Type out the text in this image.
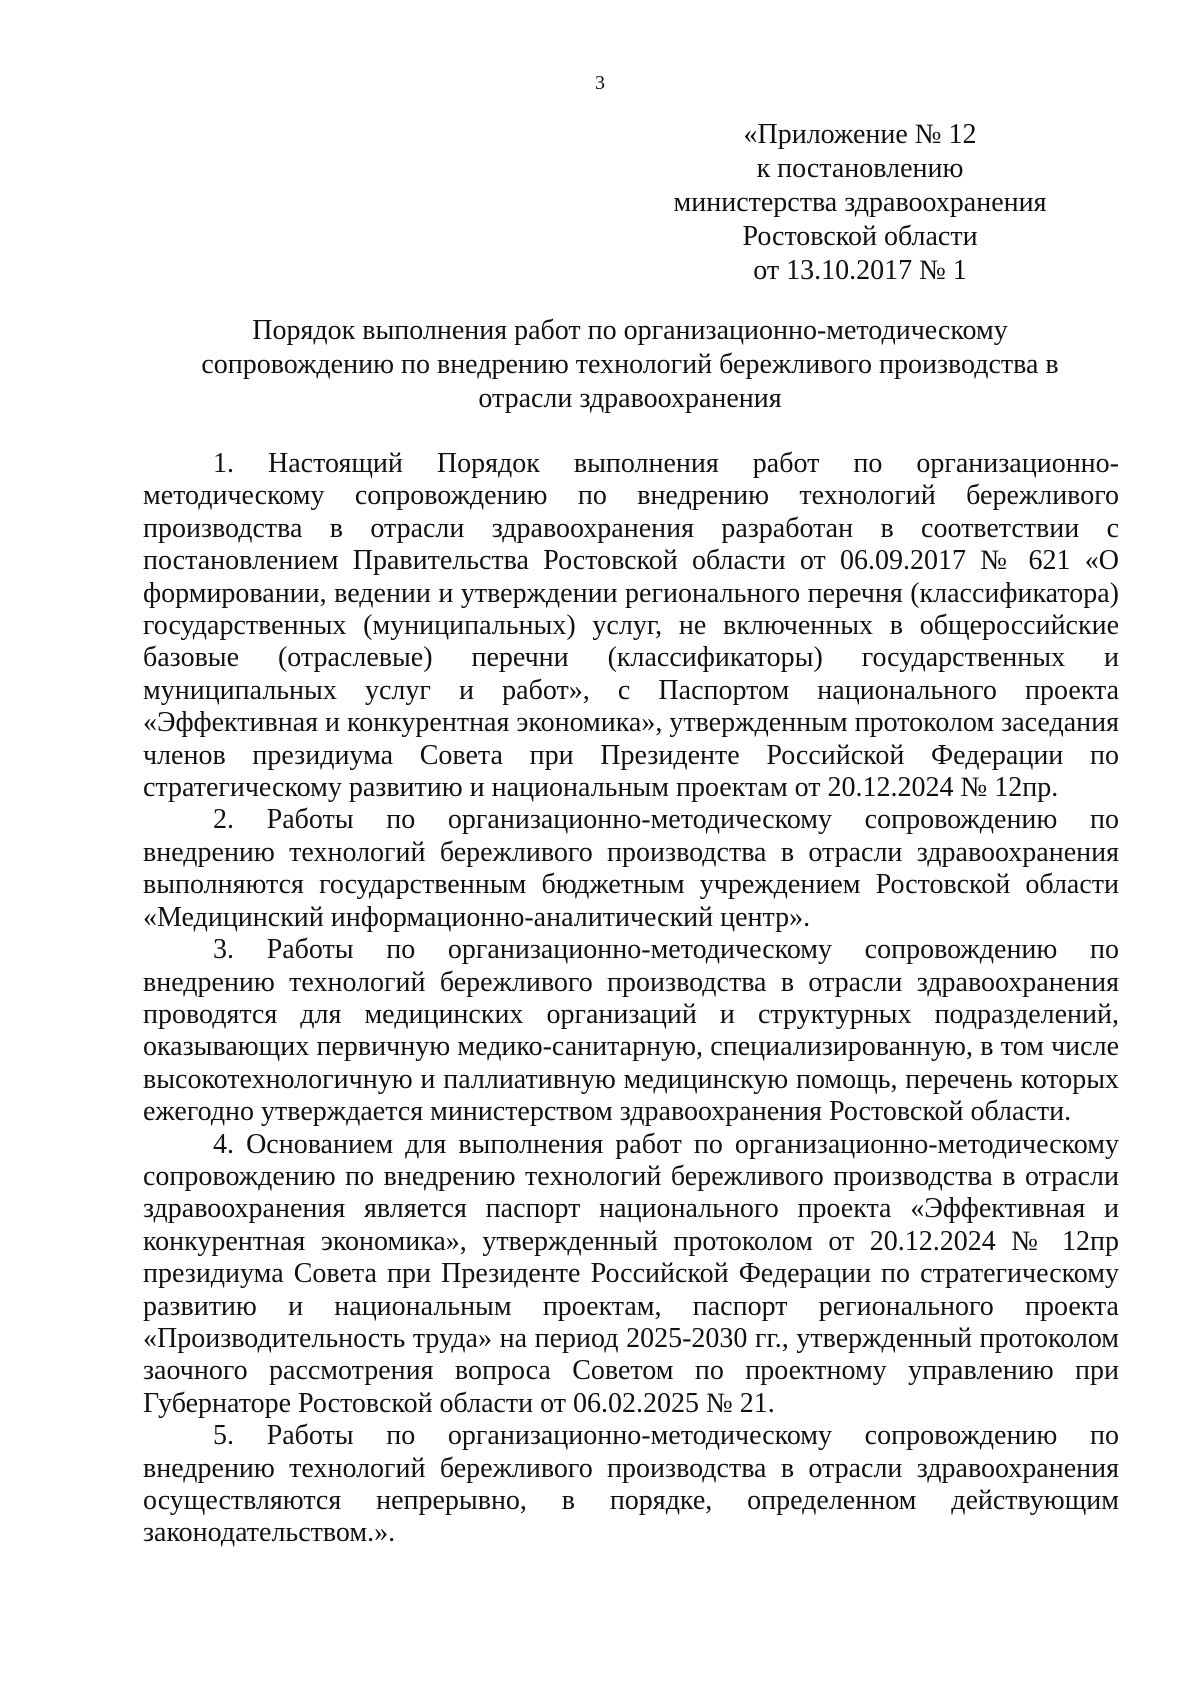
3
«Приложение № 12
к постановлению
министерства здравоохранения
Ростовской области
от 13.10.2017 № 1
Порядок выполнения работ по организационно-методическому
сопровождению по внедрению технологий бережливого производства в
отрасли здравоохранения

1. Настоящий Порядок выполнения работ по организационно-методическому сопровождению по внедрению технологий бережливого производства в отрасли здравоохранения разработан в соответствии с постановлением Правительства Ростовской области от 06.09.2017 № 621 «О формировании, ведении и утверждении регионального перечня (классификатора) государственных (муниципальных) услуг, не включенных в общероссийские базовые (отраслевые) перечни (классификаторы) государственных и муниципальных услуг и работ», с Паспортом национального проекта «Эффективная и конкурентная экономика», утвержденным протоколом заседания членов президиума Совета при Президенте Российской Федерации по стратегическому развитию и национальным проектам от 20.12.2024 № 12пр.

2. Работы по организационно-методическому сопровождению по внедрению технологий бережливого производства в отрасли здравоохранения выполняются государственным бюджетным учреждением Ростовской области «Медицинский информационно-аналитический центр».

3. Работы по организационно-методическому сопровождению по внедрению технологий бережливого производства в отрасли здравоохранения проводятся для медицинских организаций и структурных подразделений, оказывающих первичную медико-санитарную, специализированную, в том числе высокотехнологичную и паллиативную медицинскую помощь, перечень которых ежегодно утверждается министерством здравоохранения Ростовской области.

4. Основанием для выполнения работ по организационно-методическому сопровождению по внедрению технологий бережливого производства в отрасли здравоохранения является паспорт национального проекта «Эффективная и конкурентная экономика», утвержденный протоколом от 20.12.2024 № 12пр президиума Совета при Президенте Российской Федерации по стратегическому развитию и национальным проектам, паспорт регионального проекта «Производительность труда» на период 2025-2030 гг., утвержденный протоколом заочного рассмотрения вопроса Советом по проектному управлению при Губернаторе Ростовской области от 06.02.2025 № 21.

5. Работы по организационно-методическому сопровождению по внедрению технологий бережливого производства в отрасли здравоохранения осуществляются непрерывно, в порядке, определенном действующим законодательством.».
